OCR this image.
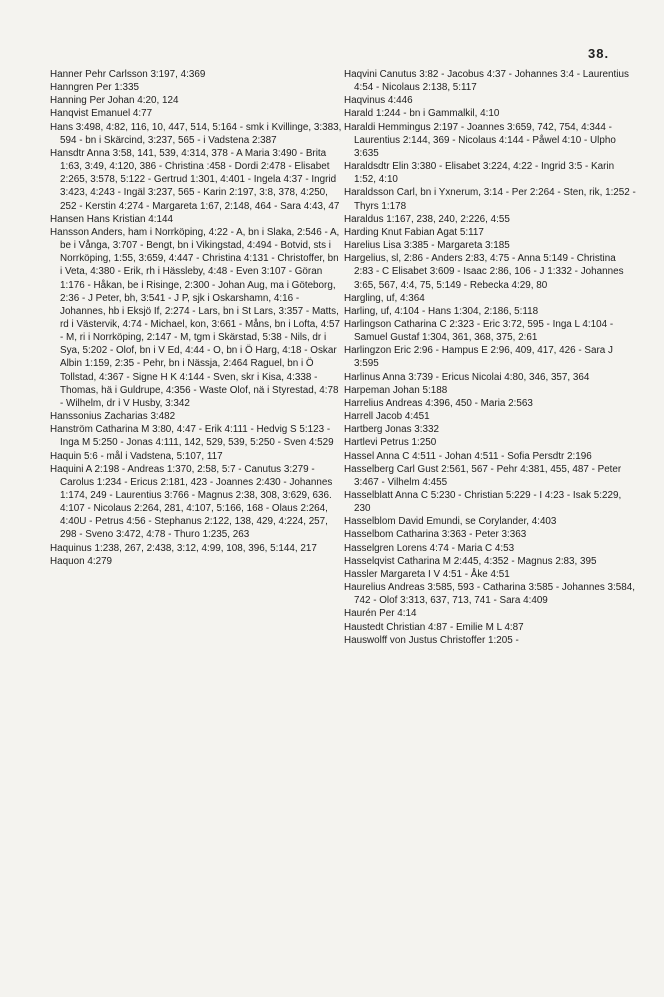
38.

Hanner Pehr Carlsson 3:197, 4:369

Hanngren Per 1:335

Hanning Per Johan 4:20, 124

Hanqvist Emanuel 4:77

Hans 3:498, 4:82, 116, 10, 447, 514, 5:164 - smk i Kvillinge, 3:383, 594 - bn i Skärcind, 3:237, 565 - i Vadstena 2:387

Hansdtr Anna 3:58, 141, 539, 4:314, 378 - A Maria 3:490 - Brita 1:63, 3:49, 4:120, 386 - Christina :458 - Dordi 2:478 - Elisabet 2:265, 3:578, 5:122 - Gertrud 1:301, 4:401 - Ingela 4:37 - Ingrid 3:423, 4:243 - Ingäl 3:237, 565 - Karin 2:197, 3:8, 378, 4:250, 252 - Kerstin 4:274 - Margareta 1:67, 2:148, 464 - Sara 4:43, 47

Hansen Hans Kristian 4:144

Hansson Anders, ham i Norrköping, 4:22 - A, bn i Slaka, 2:546 - A, be i Vånga, 3:707 - Bengt, bn i Vikingstad, 4:494 - Botvid, sts i Norrköping, 1:55, 3:659, 4:447 - Christina 4:131 - Christoffer, bn i Veta, 4:380 - Erik, rh i Hässleby, 4:48 - Even 3:107 - Göran 1:176 - Håkan, be i Risinge, 2:300 - Johan Aug, ma i Göteborg, 2:36 - J Peter, bh, 3:541 - J P, sjk i Oskarshamn, 4:16 - Johannes, hb i Eksjö If, 2:274 - Lars, bn i St Lars, 3:357 - Matts, rd i Västervik, 4:74 - Michael, kon, 3:661 - Måns, bn i Lofta, 4:57 - M, ri i Norrköping, 2:147 - M, tgm i Skärstad, 5:38 - Nils, dr i Sya, 5:202 - Olof, bn i V Ed, 4:44 - O, bn i Ö Harg, 4:18 - Oskar Albin 1:159, 2:35 - Pehr, bn i Nässja, 2:464 Raguel, bn i Ö Tollstad, 4:367 - Signe H K 4:144 - Sven, skr i Kisa, 4:338 - Thomas, hä i Guldrupe, 4:356 - Waste Olof, nä i Styrestad, 4:78 - Wilhelm, dr i V Husby, 3:342

Hanssonius Zacharias 3:482

Hanström Catharina M 3:80, 4:47 - Erik 4:111 - Hedvig S 5:123 - Inga M 5:250 - Jonas 4:111, 142, 529, 539, 5:250 - Sven 4:529

Haquin 5:6 - mål i Vadstena, 5:107, 117

Haquini A 2:198 - Andreas 1:370, 2:58, 5:7 - Canutus 3:279 - Carolus 1:234 - Ericus 2:181, 423 - Joannes 2:430 - Johannes 1:174, 249 - Laurentius 3:766 - Magnus 2:38, 308, 3:629, 636. 4:107 - Nicolaus 2:264, 281, 4:107, 5:166, 168 - Olaus 2:264, 4:40U - Petrus 4:56 - Stephanus 2:122, 138, 429, 4:224, 257, 298 - Sveno 3:472, 4:78 - Thuro 1:235, 263

Haquinus 1:238, 267, 2:438, 3:12, 4:99, 108, 396, 5:144, 217

Haquon 4:279

Haqvini Canutus 3:82 - Jacobus 4:37 - Johannes 3:4 - Laurentius 4:54 - Nicolaus 2:138, 5:117

Haqvinus 4:446

Harald 1:244 - bn i Gammalkil, 4:10

Haraldi Hemmingus 2:197 - Joannes 3:659, 742, 754, 4:344 - Laurentius 2:144, 369 - Nicolaus 4:144 - Påwel 4:10 - Ulpho 3:635

Haraldsdtr Elin 3:380 - Elisabet 3:224, 4:22 - Ingrid 3:5 - Karin 1:52, 4:10

Haraldsson Carl, bn i Yxnerum, 3:14 - Per 2:264 - Sten, rik, 1:252 - Thyrs 1:178

Haraldus 1:167, 238, 240, 2:226, 4:55

Harding Knut Fabian Agat 5:117

Harelius Lisa 3:385 - Margareta 3:185

Hargelius, sl, 2:86 - Anders 2:83, 4:75 - Anna 5:149 - Christina 2:83 - C Elisabet 3:609 - Isaac 2:86, 106 - J 1:332 - Johannes 3:65, 567, 4:4, 75, 5:149 - Rebecka 4:29, 80

Hargling, uf, 4:364

Harling, uf, 4:104 - Hans 1:304, 2:186, 5:118

Harlingson Catharina C 2:323 - Eric 3:72, 595 - Inga L 4:104 - Samuel Gustaf 1:304, 361, 368, 375, 2:61

Harlingzon Eric 2:96 - Hampus E 2:96, 409, 417, 426 - Sara J 3:595

Harlinus Anna 3:739 - Ericus Nicolai 4:80, 346, 357, 364

Harpeman Johan 5:188

Harrelius Andreas 4:396, 450 - Maria 2:563

Harrell Jacob 4:451

Hartberg Jonas 3:332

Hartlevi Petrus 1:250

Hassel Anna C 4:511 - Johan 4:511 - Sofia Persdtr 2:196

Hasselberg Carl Gust 2:561, 567 - Pehr 4:381, 455, 487 - Peter 3:467 - Vilhelm 4:455

Hasselblatt Anna C 5:230 - Christian 5:229 - I 4:23 - Isak 5:229, 230

Hasselblom David Emundi, se Corylander, 4:403

Hasselbom Catharina 3:363 - Peter 3:363

Hasselgren Lorens 4:74 - Maria C 4:53

Hasselqvist Catharina M 2:445, 4:352 - Magnus 2:83, 395

Hassler Margareta I V 4:51 - Åke 4:51

Haurelius Andreas 3:585, 593 - Catharina 3:585 - Johannes 3:584, 742 - Olof 3:313, 637, 713, 741 - Sara 4:409

Haurén Per 4:14

Haustedt Christian 4:87 - Emilie M L 4:87

Hauswolff von Justus Christoffer 1:205 -
